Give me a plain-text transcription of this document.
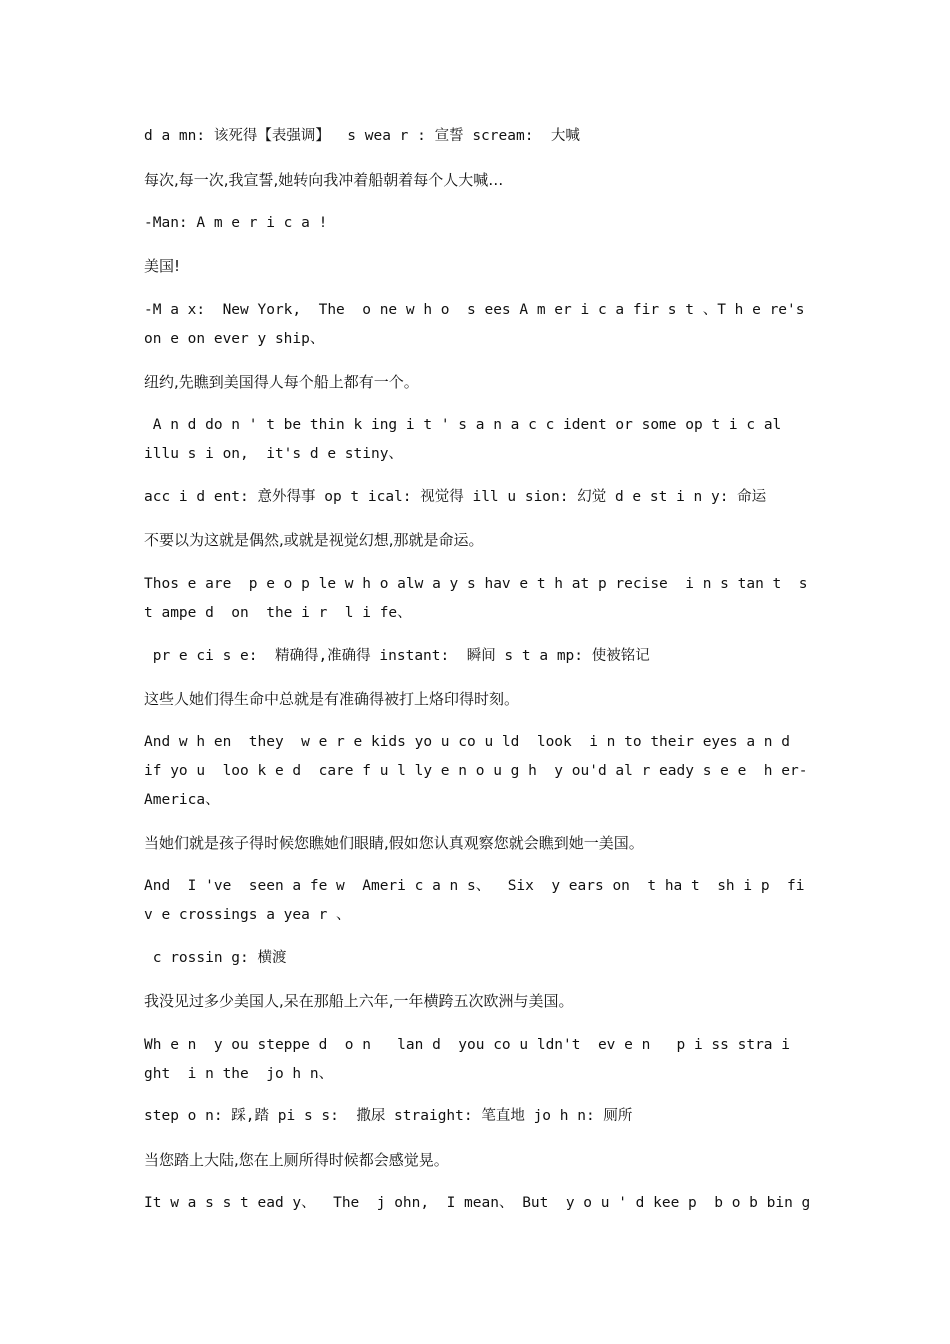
d a mn: 该死得【表强调】  s wea r : 宣誓 scream:  大喊

每次,每一次,我宣誓,她转向我冲着船朝着每个人大喊…

-Man: A m e r i c a !

美国!

-M a x:  New York,  The  o ne w h o  s ees A m er i c a fir s t 、T h e re's on e on ever y ship、

纽约,先瞧到美国得人每个船上都有一个。

A n d do n ' t be thin k ing i t ' s a n a c c ident or some op t i c al illu s i on,  it's d e stiny、

acc i d ent: 意外得事 op t ical: 视觉得 ill u sion: 幻觉 d e st i n y: 命运

不要以为这就是偶然,或就是视觉幻想,那就是命运。

Thos e are  p e o p le w h o alw a y s hav e t h at p recise  i n s tan t  s t ampe d  on  the i r  l i fe、

pr e ci s e:  精确得,准确得 instant:  瞬间 s t a mp: 使被铭记

这些人她们得生命中总就是有准确得被打上烙印得时刻。

And w h en  they  w e r e kids yo u co u ld  look  i n to their eyes a n d  if yo u  loo k e d  care f u l ly e n o u g h  y ou'd al r eady s e e  h er-America、

当她们就是孩子得时候您瞧她们眼睛,假如您认真观察您就会瞧到她一美国。

And  I 've  seen a fe w  Ameri c a n s、  Six  y ears on  t ha t  sh i p  fi v e crossings a yea r 、

c rossin g: 横渡

我没见过多少美国人,呆在那船上六年,一年横跨五次欧洲与美国。

Wh e n  y ou steppe d  o n   lan d  you co u ldn't  ev e n   p i ss stra i ght  i n the  jo h n、

step o n: 踩,踏 pi s s:  撒尿 straight: 笔直地 jo h n: 厕所

当您踏上大陆,您在上厕所得时候都会感觉晃。

It w a s s t ead y、  The  j ohn,  I mean、 But  y o u ' d kee p  b o b bin g
